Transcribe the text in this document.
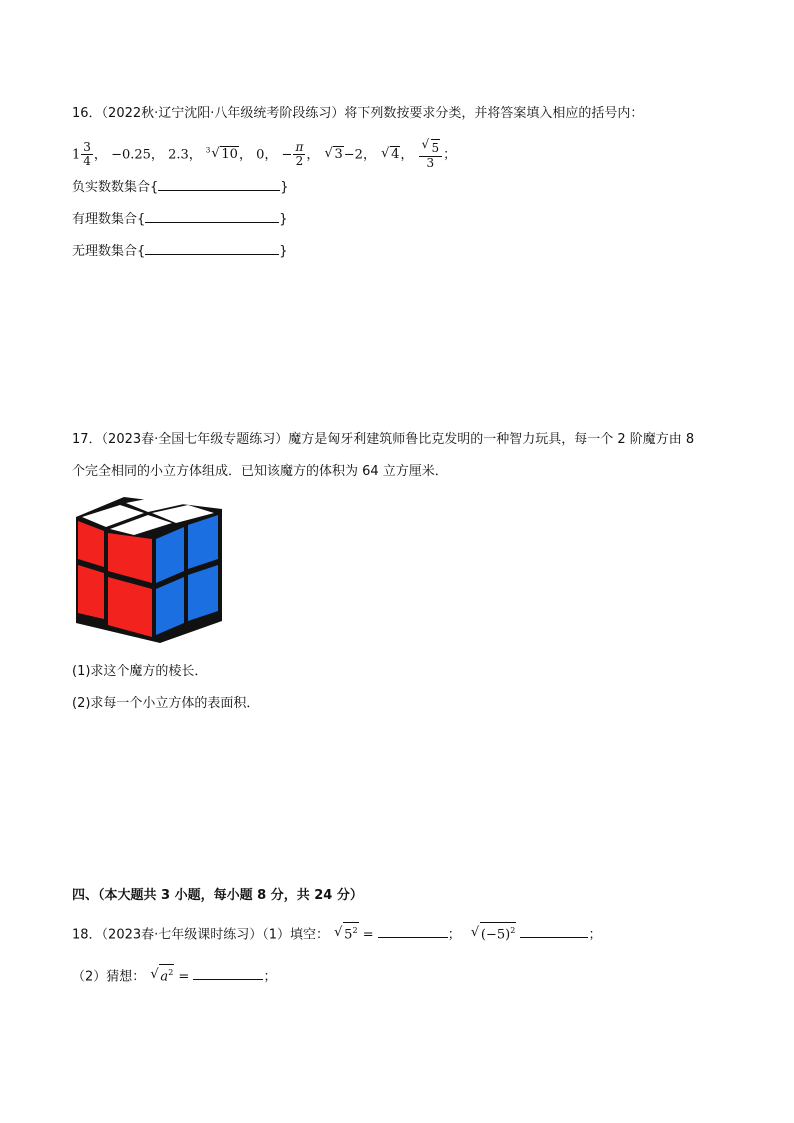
16．（2022秋·辽宁沈阳·八年级统考阶段练习）将下列数按要求分类，并将答案填入相应的括号内：
$1 \frac{3}{4}$ ， −0.25， 2.3， $^3$ √ 10， 0， − $\frac{\pi}{2}$ ， √ 3−2， √ 4， √ $\frac{5}{3}$ ；
负实数数集合{	}
有理数集合{	}
无理数集合{	}
17．（2023春·全国七年级专题练习）魔方是匈牙利建筑师鲁比克发明的一种智力玩具，每一个 2 阶魔方由 8
个完全相同的小立方体组成．已知该魔方的体积为 64 立方厘米．
(1)求这个魔方的棱长．
(2)求每一个小立方体的表面积．
四、（本大题共 3 小题，每小题 8 分，共 24 分）
18．（2023春·七年级课时练习）（1）填空： √ $5^2$ =	； √ $(-5)^2$	；
（2）猜想： √ $a^2$ =	；
